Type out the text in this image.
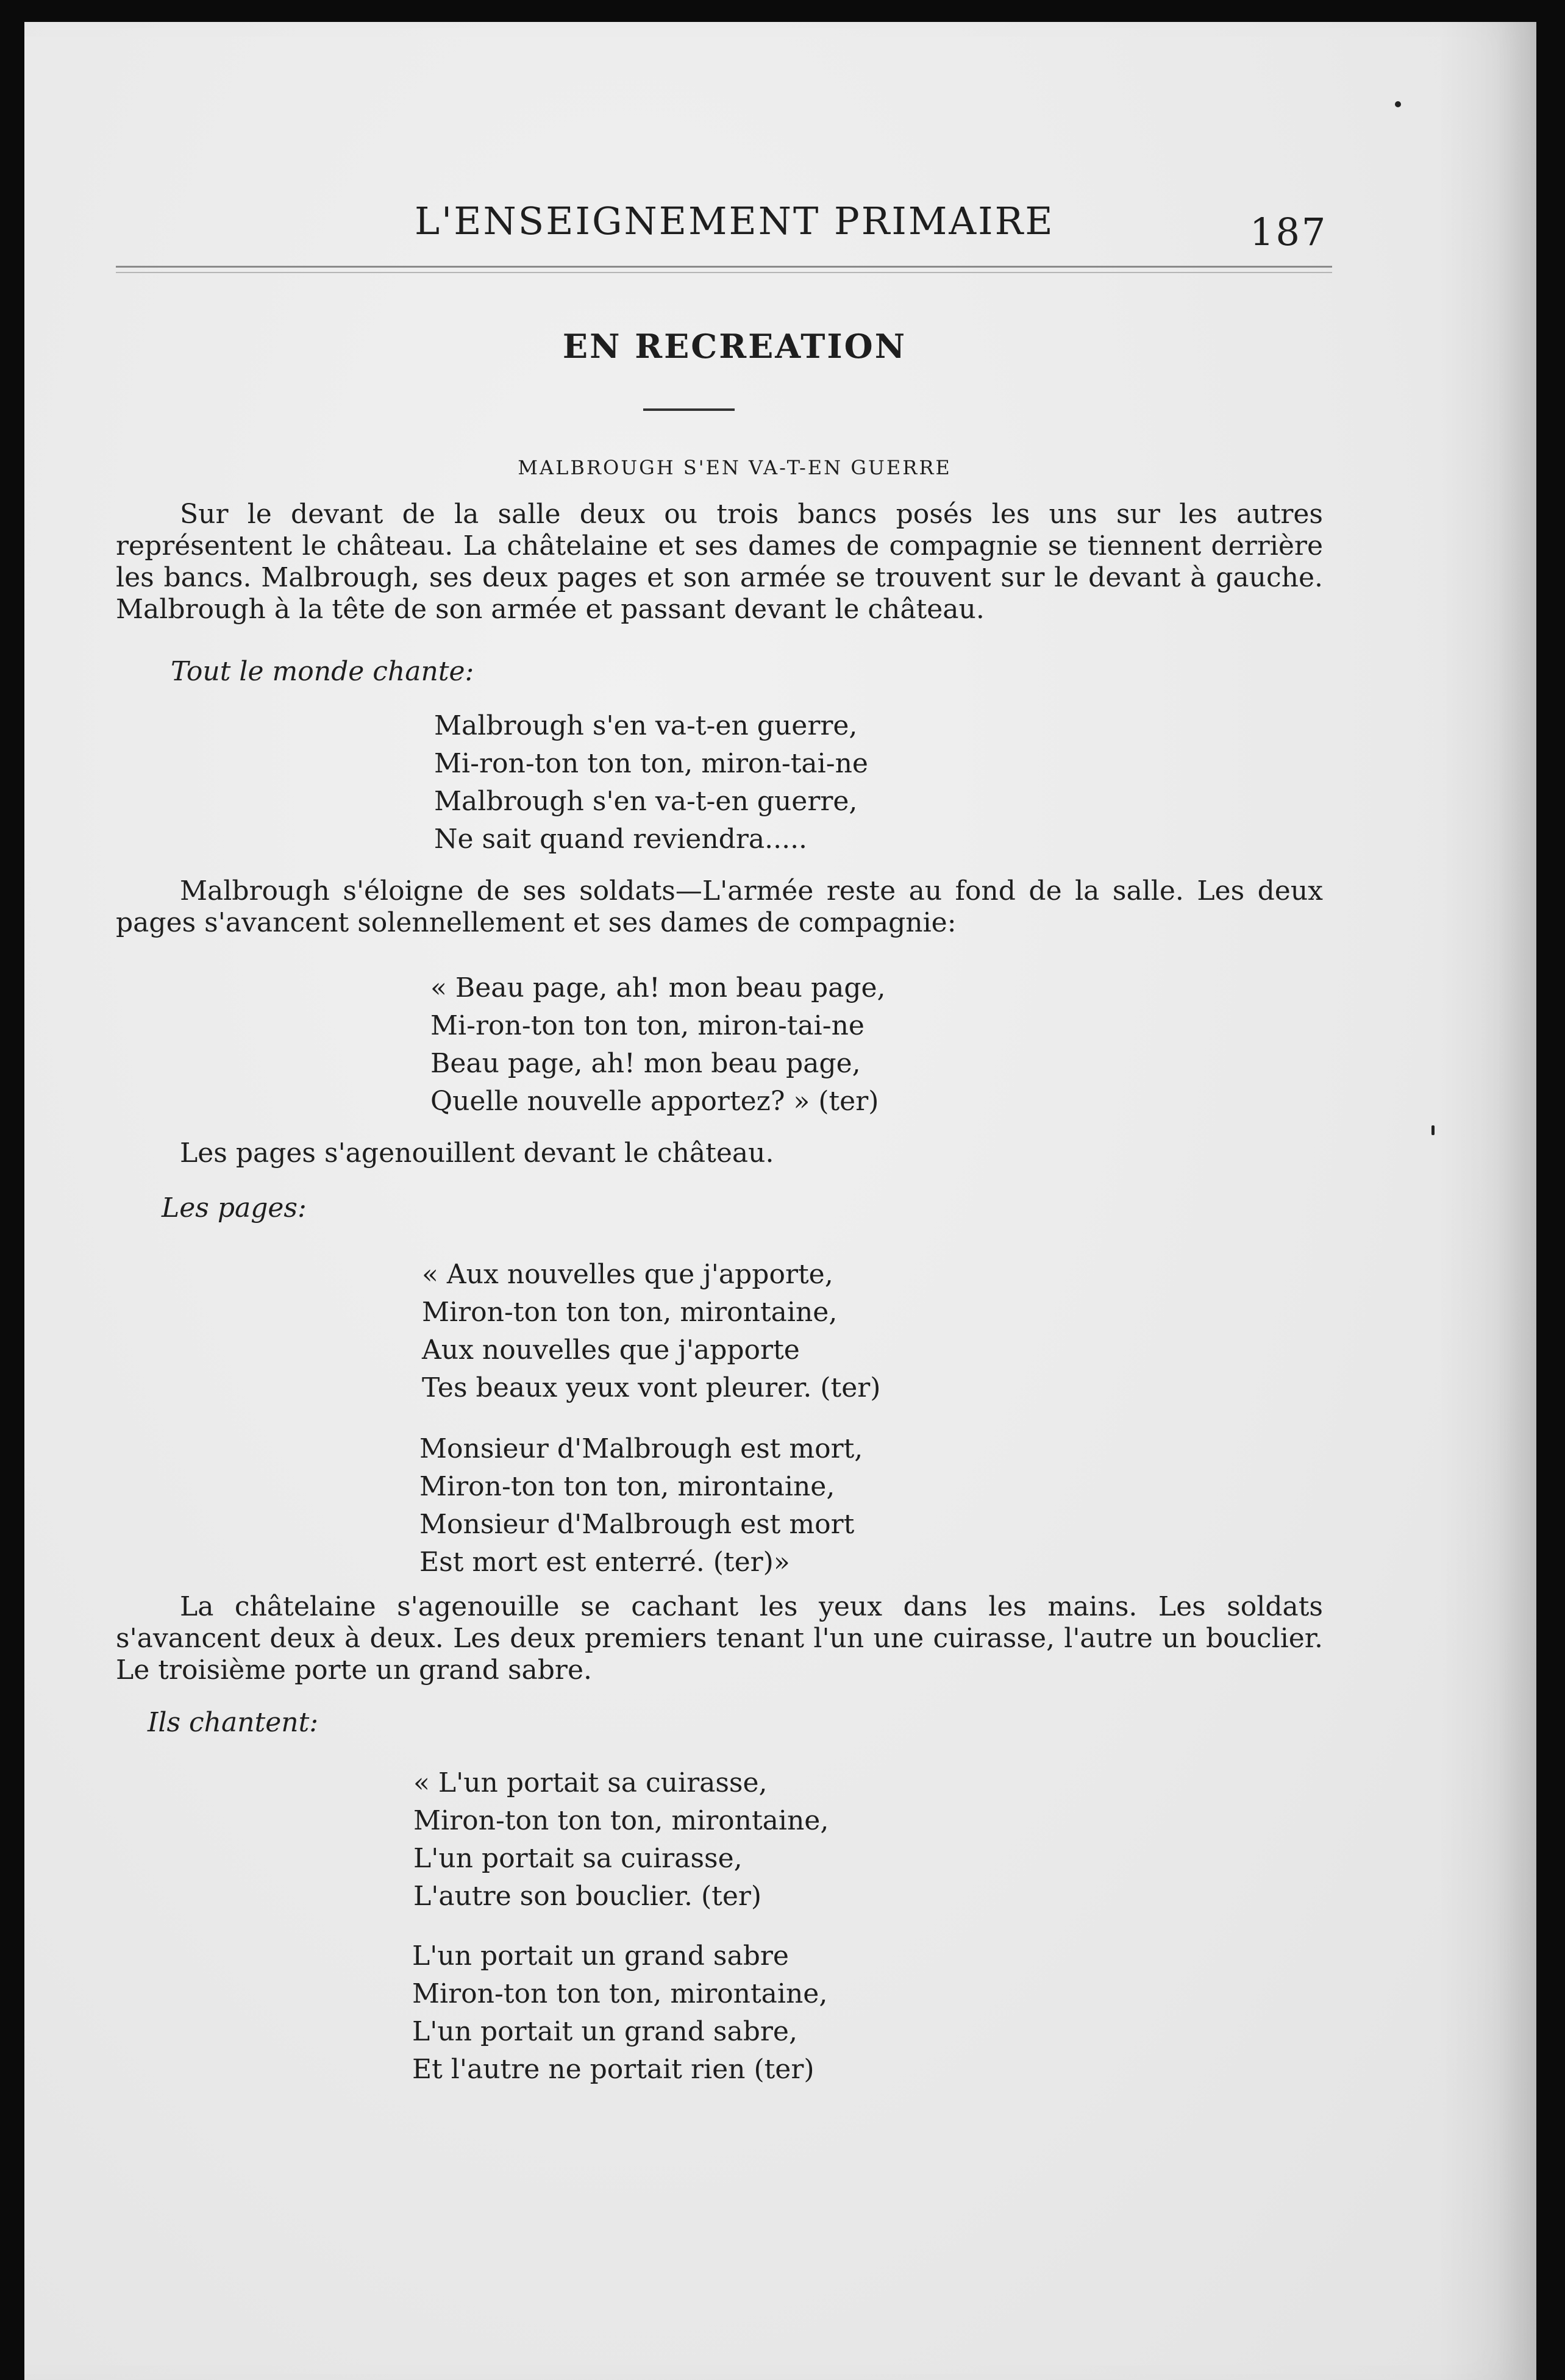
L'ENSEIGNEMENT PRIMAIRE	187
EN RECREATION
MALBROUGH S'EN VA-T-EN GUERRE

Sur le devant de la salle deux ou trois bancs posés les uns sur les autres représentent le château. La châtelaine et ses dames de compagnie se tiennent derrière les bancs. Malbrough, ses deux pages et son armée se trouvent sur le devant à gauche. Malbrough à la tête de son armée et passant devant le château.

Tout le monde chante:
Malbrough s'en va-t-en guerre,
Mi-ron-ton ton ton, miron-tai-ne
Malbrough s'en va-t-en guerre,
Ne sait quand reviendra.....

Malbrough s'éloigne de ses soldats—L'armée reste au fond de la salle. Les deux pages s'avancent solennellement et ses dames de compagnie:

« Beau page, ah! mon beau page,
Mi-ron-ton ton ton, miron-tai-ne
Beau page, ah! mon beau page,
Quelle nouvelle apportez? » (ter)

Les pages s'agenouillent devant le château.

Les pages:
« Aux nouvelles que j'apporte,
Miron-ton ton ton, mirontaine,
Aux nouvelles que j'apporte
Tes beaux yeux vont pleurer. (ter)
Monsieur d'Malbrough est mort,
Miron-ton ton ton, mirontaine,
Monsieur d'Malbrough est mort
Est mort est enterré. (ter)»

La châtelaine s'agenouille se cachant les yeux dans les mains. Les soldats s'avancent deux à deux. Les deux premiers tenant l'un une cuirasse, l'autre un bouclier. Le troisième porte un grand sabre.

Ils chantent:
« L'un portait sa cuirasse,
Miron-ton ton ton, mirontaine,
L'un portait sa cuirasse,
L'autre son bouclier. (ter)
L'un portait un grand sabre
Miron-ton ton ton, mirontaine,
L'un portait un grand sabre,
Et l'autre ne portait rien (ter)
